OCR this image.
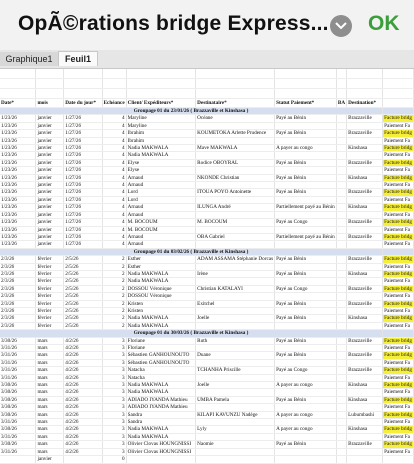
OpÃ©rations bridge Express... OK
Graphique1	Feuil1

Date*	mois	Date du jour*	Echéance	Client/ Expéditeurs*	Destinataire*	Statut Paiement*	BA	Destination*	
Groupage 01 du 23/01/26 ( Brazzaville et Kinshasa )									
1/23/26	janvier	1/27/26	4	Maryline	Océane	Payé au Bénin		Brazzaville	Facture bridg
1/23/26	janvier	1/27/26	4	Maryline					Paiement Fa
1/23/26	janvier	1/27/26	4	Ibrahim	KOUMETOKA Arlette Prudence	Payé au Bénin		Brazzaville	Facture bridg
1/23/26	janvier	1/27/26	4	Ibrahim					Paiement Fa
1/23/26	janvier	1/27/26	4	Nadia MAKWALA	Mave MAKWALA	A payer au congo		Kinshasa	Facture bridg
1/23/26	janvier	1/27/26	4	Nadia MAKWALA					Paiement Fa
1/23/26	janvier	1/27/26	4	Elyse	Rodice OBOYRAL	Payé au Bénin		Brazzaville	Facture bridg
1/23/26	janvier	1/27/26	4	Elyse					Paiement Fa
1/23/26	janvier	1/27/26	4	Arnaud	NKONDE Christian	Payé au Bénin		Kinshasa	Facture bridg
1/23/26	janvier	1/27/26	4	Arnaud					Paiement Fa
1/23/26	janvier	1/27/26	4	Lord	ITOUA POYO Antoinette	Payé au Bénin		Brazzaville	Facture bridg
1/23/26	janvier	1/27/26	4	Lord					Paiement Fa
1/23/26	janvier	1/27/26	4	Arnaud	ILUNGA André	Partiellement payé au Bénin		Kinshasa	Facture bridg
1/23/26	janvier	1/27/26	4	Arnaud					Paiement Fa
1/23/26	janvier	1/27/26	4	M. BOCOUM	M. BOCOUM	Payé au Congo		Brazzaville	Facture bridg
1/23/26	janvier	1/27/26	4	M. BOCOUM					Paiement Fa
1/23/26	janvier	1/27/26	4	Arnaud	OBA Gabriel	Partiellement payé au Bénin		Brazzaville	Facture bridg
1/23/26	janvier	1/27/26	4	Arnaud					Paiement Fa
Groupage 01 du 03/02/26 ( Brazzaville et Kinshasa )									
2/3/26	février	2/5/26	2	Esther	ADAM ASSAMA Stéphanie Dorcas	Payé au Bénin		Brazzaville	Facture bridg
2/3/26	février	2/5/26	2	Esther					Paiement Fa
2/3/26	février	2/5/26	2	Nadia MAKWALA	Irène	Payé au Bénin		Kinshasa	Facture bridg
2/3/26	février	2/5/26	2	Nadia MAKWALA					Paiement Fa
2/3/26	février	2/5/26	2	DOSSOU Véronique	Christian KATALAYI	Payé au Congo		Brazzaville	Facture bridg
2/3/26	février	2/5/26	2	DOSSOU Véronique					Paiement Fa
2/3/26	février	2/5/26	2	Kristen	Exitchel	Payé au Bénin		Brazzaville	Facture bridg
2/3/26	février	2/5/26	2	Kristen					Paiement Fa
2/3/26	février	2/5/26	2	Nadia MAKWALA	Joelle	Payé au Bénin		Kinshasa	Facture bridg
2/3/26	février	2/5/26	2	Nadia MAKWALA					Paiement Fa
Groupage 01 du 30/03/26 ( Brazzaville et Kinshasa )									
3/30/26	mars	4/2/26	3	Floriane	Ruth	Payé au Bénin		Brazzaville	Facture bridg
3/31/26	mars	4/2/26	3	Floriane					Paiement Fa
3/31/26	mars	4/2/26	3	Sébastien GANHOUNOUTO	Duane	Payé au Bénin		Brazzaville	Facture bridg
3/31/26	mars	4/2/26	3	Sébastien GANHOUNOUTO					Paiement Fa
3/31/26	mars	4/2/26	3	Natacha	TCHANHA Priscille	Payé au Congo		Brazzaville	Facture bridg
3/31/26	mars	4/2/26	3	Natacha					Paiement Fa
3/30/26	mars	4/2/26	3	Nadia MAKWALA	Joelle	A payer au congo		Kinshasa	Facture bridg
3/30/26	mars	4/2/26	3	Nadia MAKWALA					Paiement Fa
3/30/26	mars	4/2/26	3	ADIADO IYANDA Mathieu	UMBA Pamela	Payé au Bénin		Kinshasa	Facture bridg
3/30/26	mars	4/2/26	3	ADIADO IYANDA Mathieu					Paiement Fa
3/30/26	mars	4/2/26	3	Sandra	KILAPI KAVUNZU Nadège	A payer au congo		Lubumbashi	Facture bridg
3/31/26	mars	4/2/26	3	Sandra					Paiement Fa
3/30/26	mars	4/2/26	3	Nadia MAKWALA	Lyly	A payer au congo		Kinshasa	Facture bridg
3/31/26	mars	4/2/26	3	Nadia MAKWALA					Paiement Fa
3/30/26	mars	4/2/26	3	Olivier Clovas HOUNGNISSI	Naomie	Payé au Bénin		Brazzaville	Facture bridg
3/31/26	mars	4/2/26	3	Olivier Clovas HOUNGNISSI					Paiement Fa
	janvier		0						
